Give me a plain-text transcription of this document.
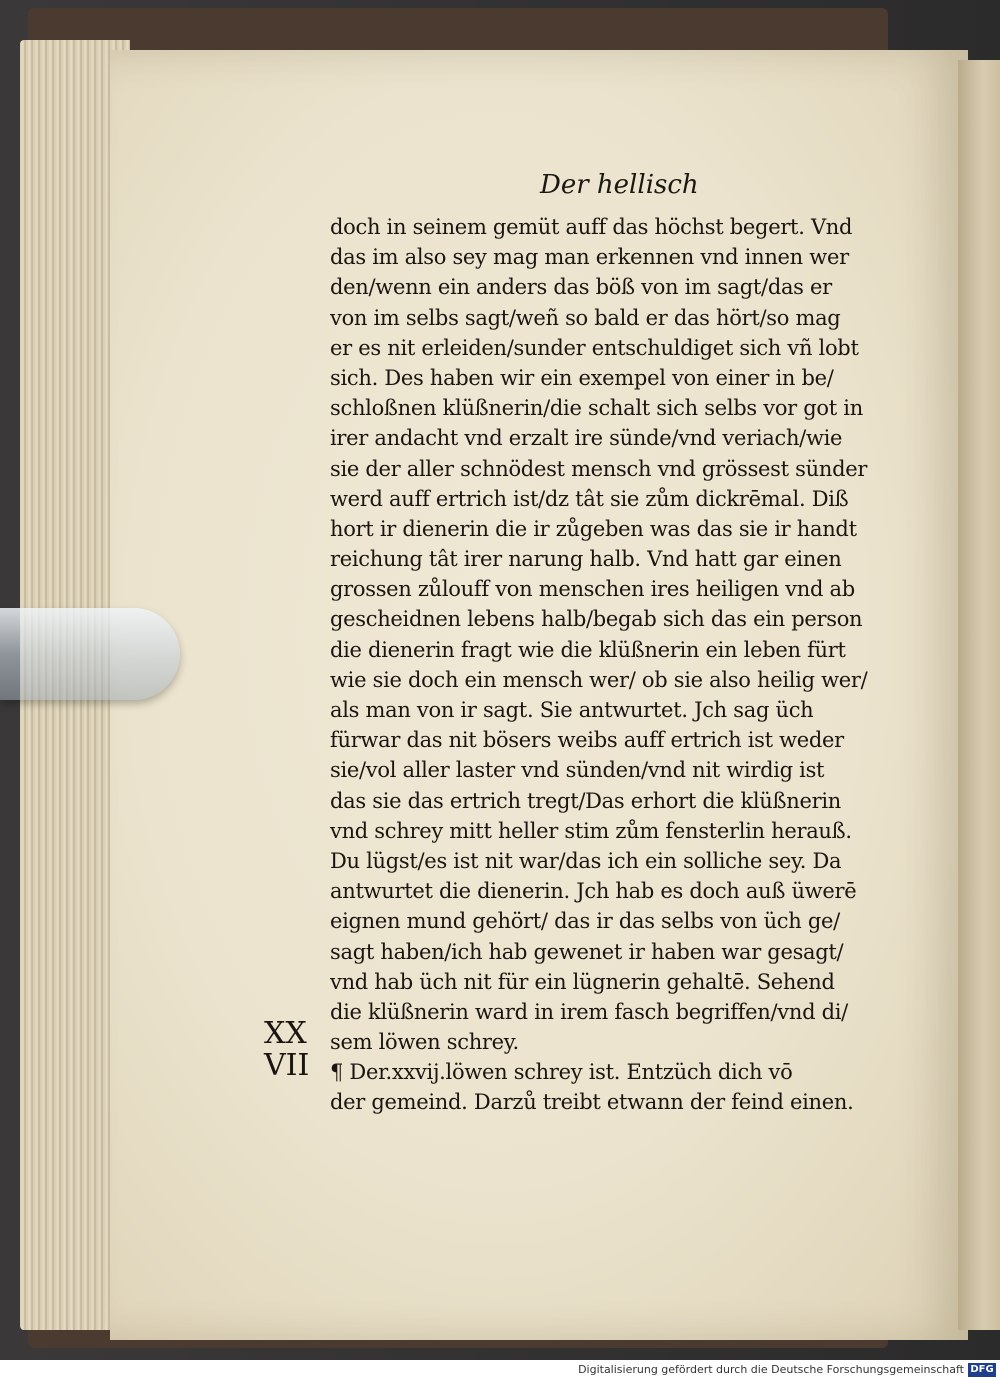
Der hellisch
doch in seinem gemüt auff das höchst begert. Vnd
das im also sey mag man erkennen vnd innen wer
den/wenn ein anders das böß von im sagt/das er
von im selbs sagt/weñ so bald er das hört/so mag
er es nit erleiden/sunder entschuldiget sich vñ lobt
sich. Des haben wir ein exempel von einer in be/
schloßnen klüßnerin/die schalt sich selbs vor got in
irer andacht vnd erzalt ire sünde/vnd veriach/wie
sie der aller schnödest mensch vnd grössest sünder
werd auff ertrich ist/dz tât sie zům dickrēmal. Diß
hort ir dienerin die ir zůgeben was das sie ir handt
reichung tât irer narung halb. Vnd hatt gar einen
grossen zůlouff von menschen ires heiligen vnd ab
gescheidnen lebens halb/begab sich das ein person
die dienerin fragt wie die klüßnerin ein leben fürt
wie sie doch ein mensch wer/ ob sie also heilig wer/
als man von ir sagt. Sie antwurtet. Jch sag üch
fürwar das nit bösers weibs auff ertrich ist weder
sie/vol aller laster vnd sünden/vnd nit wirdig ist
das sie das ertrich tregt/Das erhort die klüßnerin
vnd schrey mitt heller stim zům fensterlin herauß.
Du lügst/es ist nit war/das ich ein solliche sey. Da
antwurtet die dienerin. Jch hab es doch auß üwerē
eignen mund gehört/ das ir das selbs von üch ge/
sagt haben/ich hab gewenet ir haben war gesagt/
vnd hab üch nit für ein lügnerin gehaltē. Sehend
die klüßnerin ward in irem fasch begriffen/vnd di/
sem löwen schrey.
¶ Der.xxvij.löwen schrey ist. Entzüch dich vō
der gemeind. Darzů treibt etwann der feind einen.
XX
VII
Digitalisierung gefördert durch die Deutsche Forschungsgemeinschaft DFG
